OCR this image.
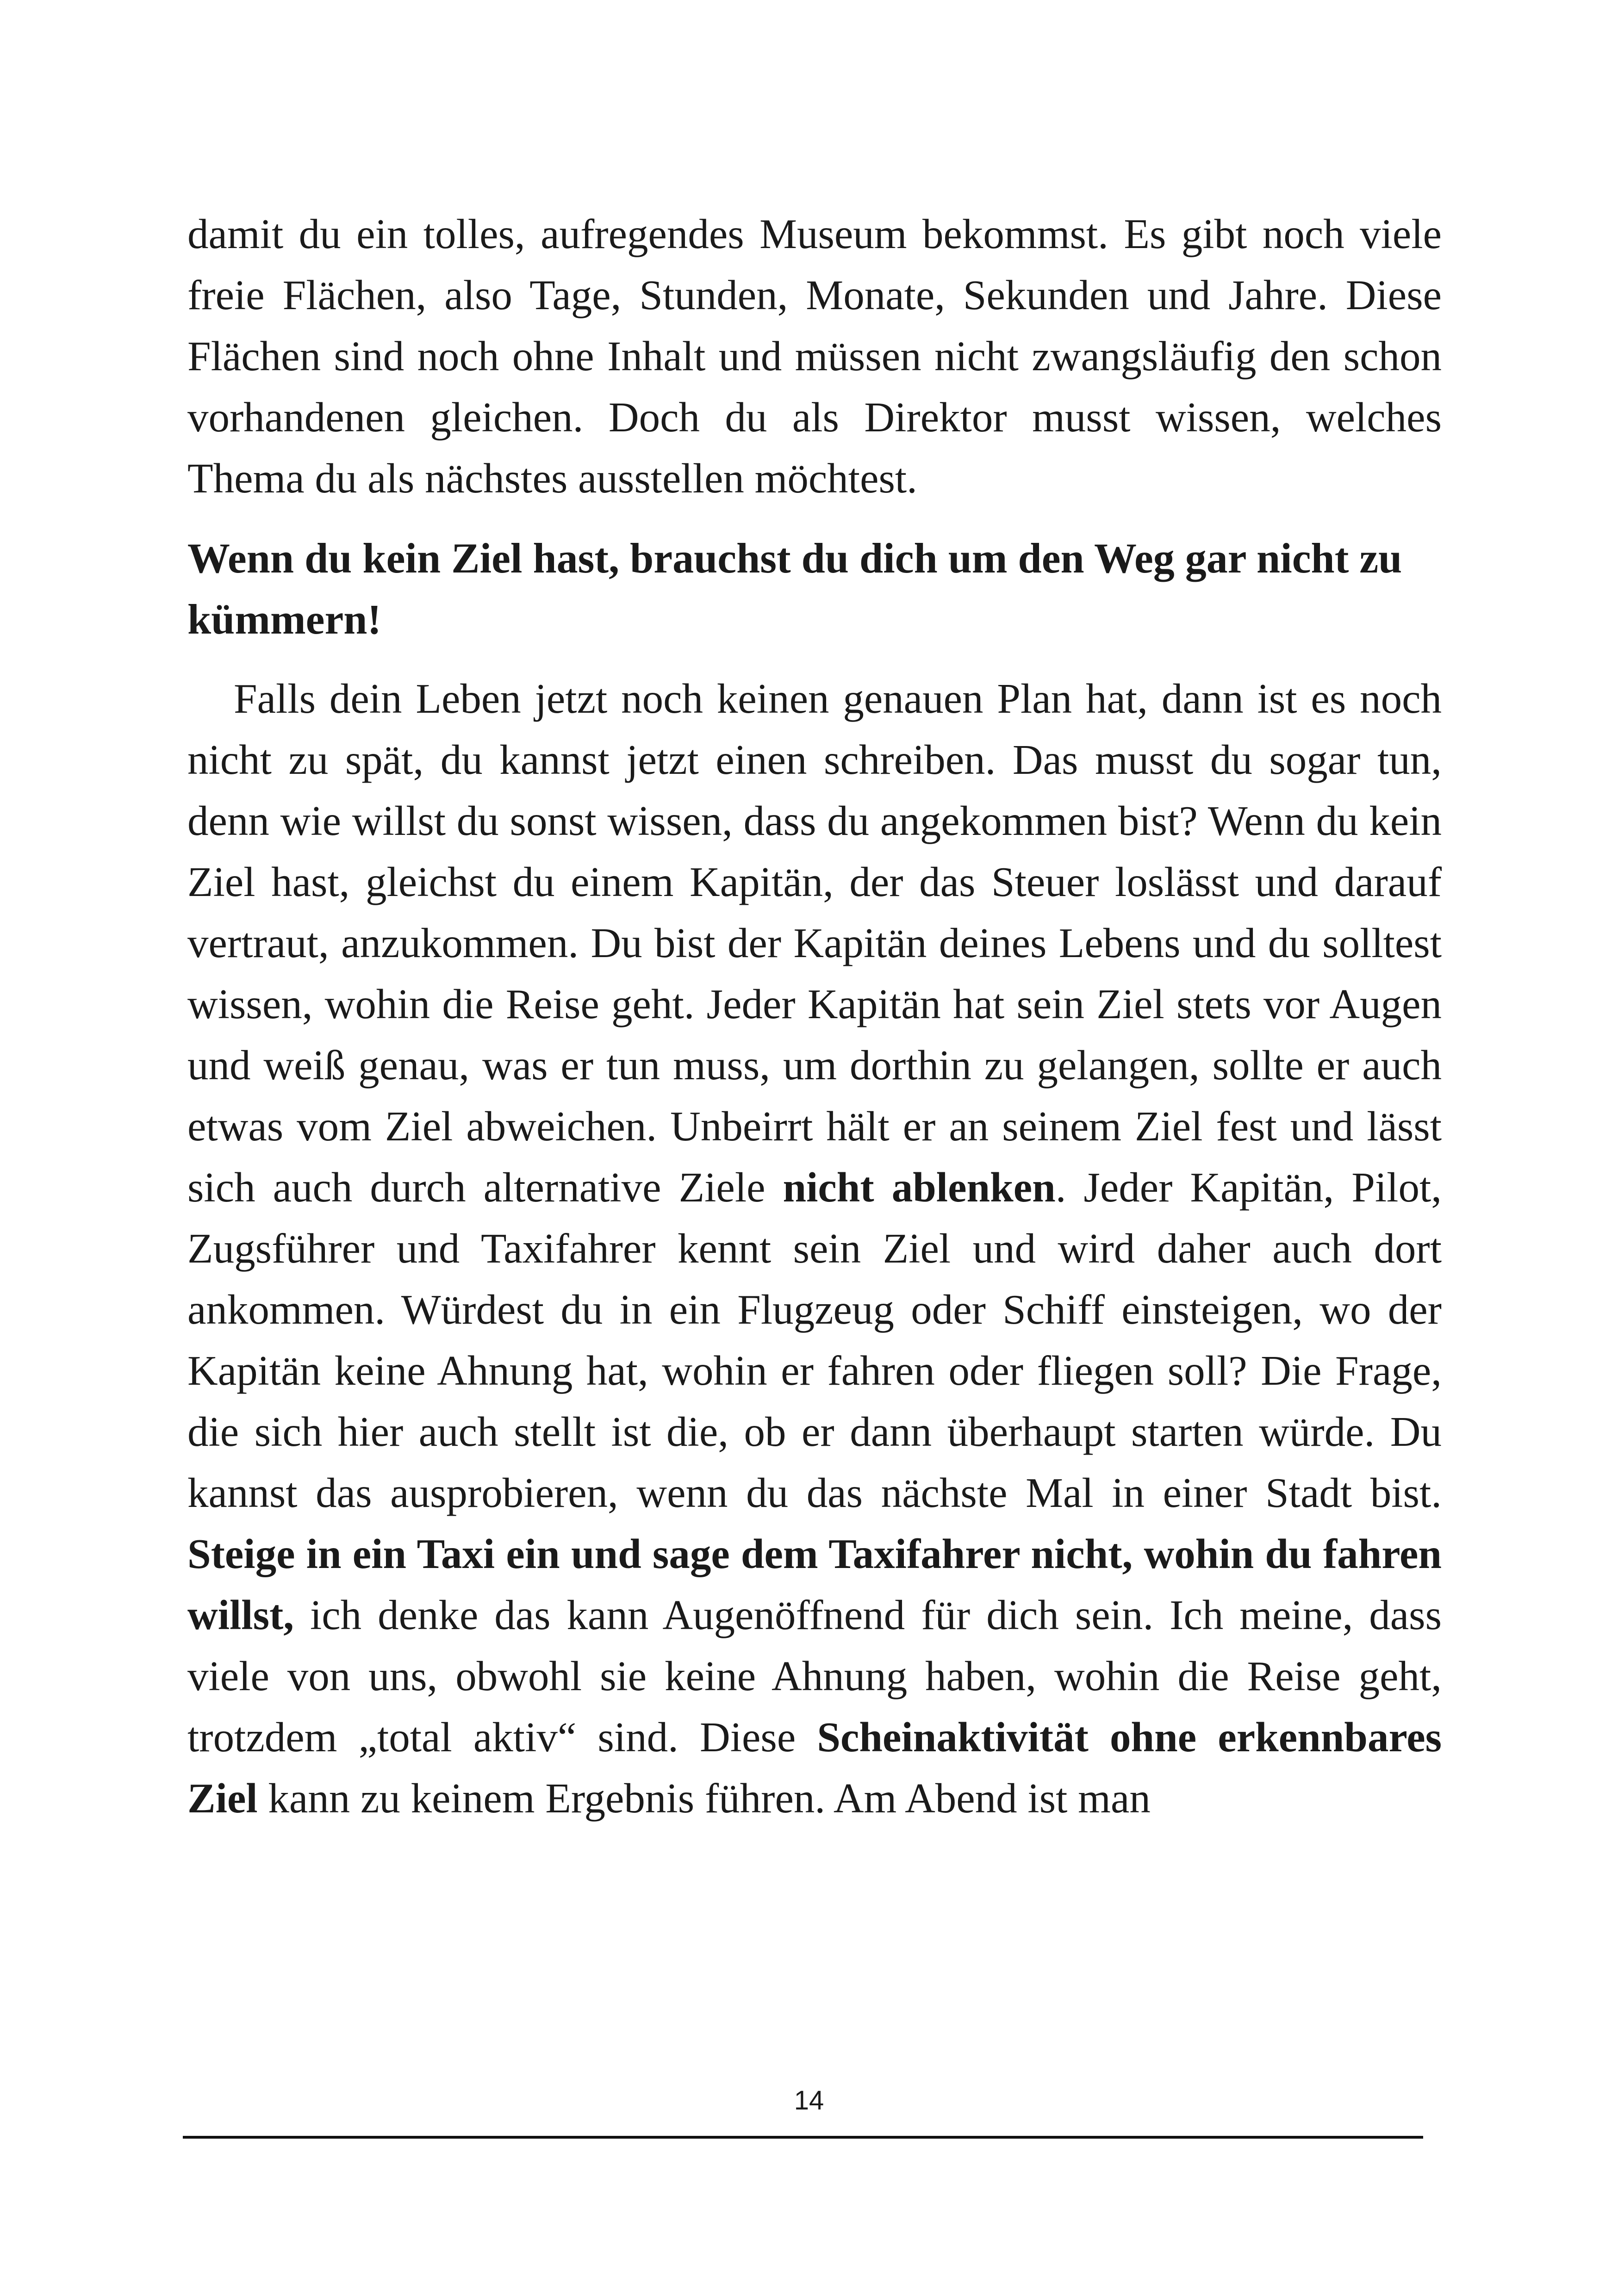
damit du ein tolles, aufregendes Museum bekommst. Es gibt noch viele freie Flächen, also Tage, Stunden, Monate, Sekunden und Jahre. Diese Flächen sind noch ohne Inhalt und müssen nicht zwangsläufig den schon vorhandenen gleichen. Doch du als Direktor musst wissen, welches Thema du als nächstes ausstellen möchtest.

Wenn du kein Ziel hast, brauchst du dich um den Weg gar nicht zu kümmern!

Falls dein Leben jetzt noch keinen genauen Plan hat, dann ist es noch nicht zu spät, du kannst jetzt einen schreiben. Das musst du sogar tun, denn wie willst du sonst wissen, dass du angekommen bist? Wenn du kein Ziel hast, gleichst du einem Kapitän, der das Steuer loslässt und darauf vertraut, anzukommen. Du bist der Kapitän deines Lebens und du solltest wissen, wohin die Reise geht. Jeder Kapitän hat sein Ziel stets vor Augen und weiß genau, was er tun muss, um dorthin zu gelangen, sollte er auch etwas vom Ziel abweichen. Unbeirrt hält er an seinem Ziel fest und lässt sich auch durch alternative Ziele nicht ablenken. Jeder Kapitän, Pilot, Zugsführer und Taxifahrer kennt sein Ziel und wird daher auch dort ankommen. Würdest du in ein Flugzeug oder Schiff einsteigen, wo der Kapitän keine Ahnung hat, wohin er fahren oder fliegen soll? Die Frage, die sich hier auch stellt ist die, ob er dann überhaupt starten würde. Du kannst das ausprobieren, wenn du das nächste Mal in einer Stadt bist. Steige in ein Taxi ein und sage dem Taxifahrer nicht, wohin du fahren willst, ich denke das kann Augenöffnend für dich sein. Ich meine, dass viele von uns, obwohl sie keine Ahnung haben, wohin die Reise geht, trotzdem „total aktiv“ sind. Diese Scheinaktivität ohne erkennbares Ziel kann zu keinem Ergebnis führen. Am Abend ist man

14
